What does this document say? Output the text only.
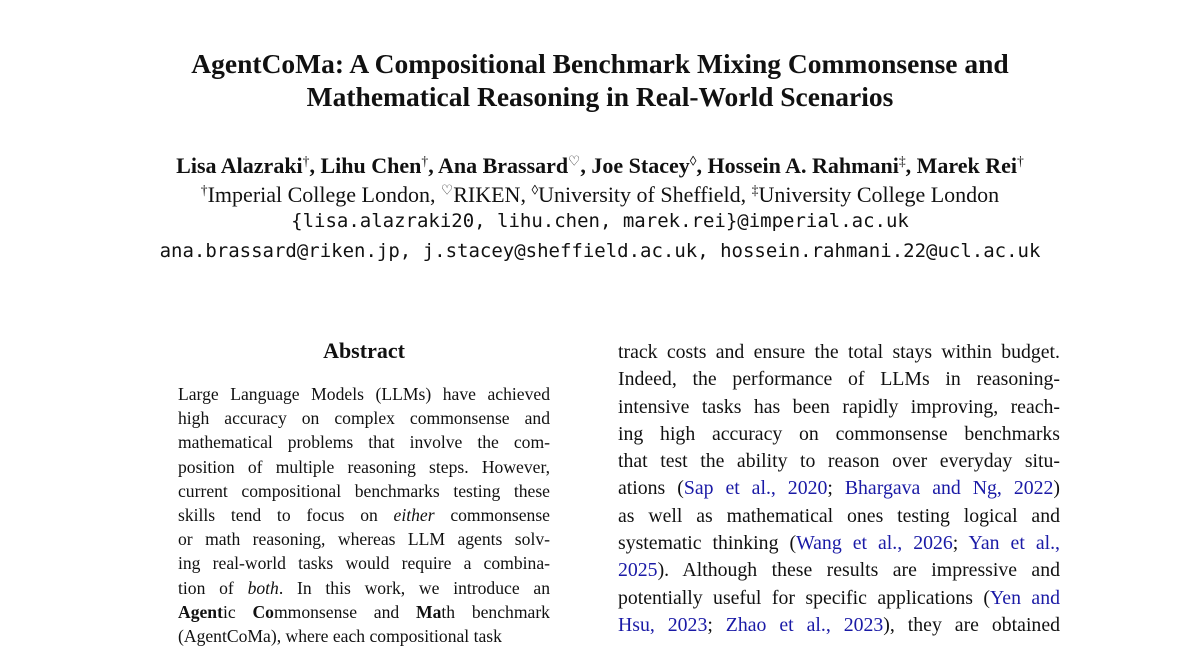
AgentCoMa: A Compositional Benchmark Mixing Commonsense and
Mathematical Reasoning in Real-World Scenarios
Lisa Alazraki†, Lihu Chen†, Ana Brassard♡, Joe Stacey◊, Hossein A. Rahmani‡, Marek Rei†
†Imperial College London, ♡RIKEN, ◊University of Sheffield, ‡University College London
{lisa.alazraki20, lihu.chen, marek.rei}@imperial.ac.uk
ana.brassard@riken.jp, j.stacey@sheffield.ac.uk, hossein.rahmani.22@ucl.ac.uk
Abstract
Large Language Models (LLMs) have achieved
high accuracy on complex commonsense and
mathematical problems that involve the com-
position of multiple reasoning steps. However,
current compositional benchmarks testing these
skills tend to focus on either commonsense
or math reasoning, whereas LLM agents solv-
ing real-world tasks would require a combina-
tion of both. In this work, we introduce an
Agentic Commonsense and Math benchmark
(AgentCoMa), where each compositional task
track costs and ensure the total stays within budget.
Indeed, the performance of LLMs in reasoning-
intensive tasks has been rapidly improving, reach-
ing high accuracy on commonsense benchmarks
that test the ability to reason over everyday situ-
ations (Sap et al., 2020; Bhargava and Ng, 2022)
as well as mathematical ones testing logical and
systematic thinking (Wang et al., 2026; Yan et al.,
2025). Although these results are impressive and
potentially useful for specific applications (Yen and
Hsu, 2023; Zhao et al., 2023), they are obtained
